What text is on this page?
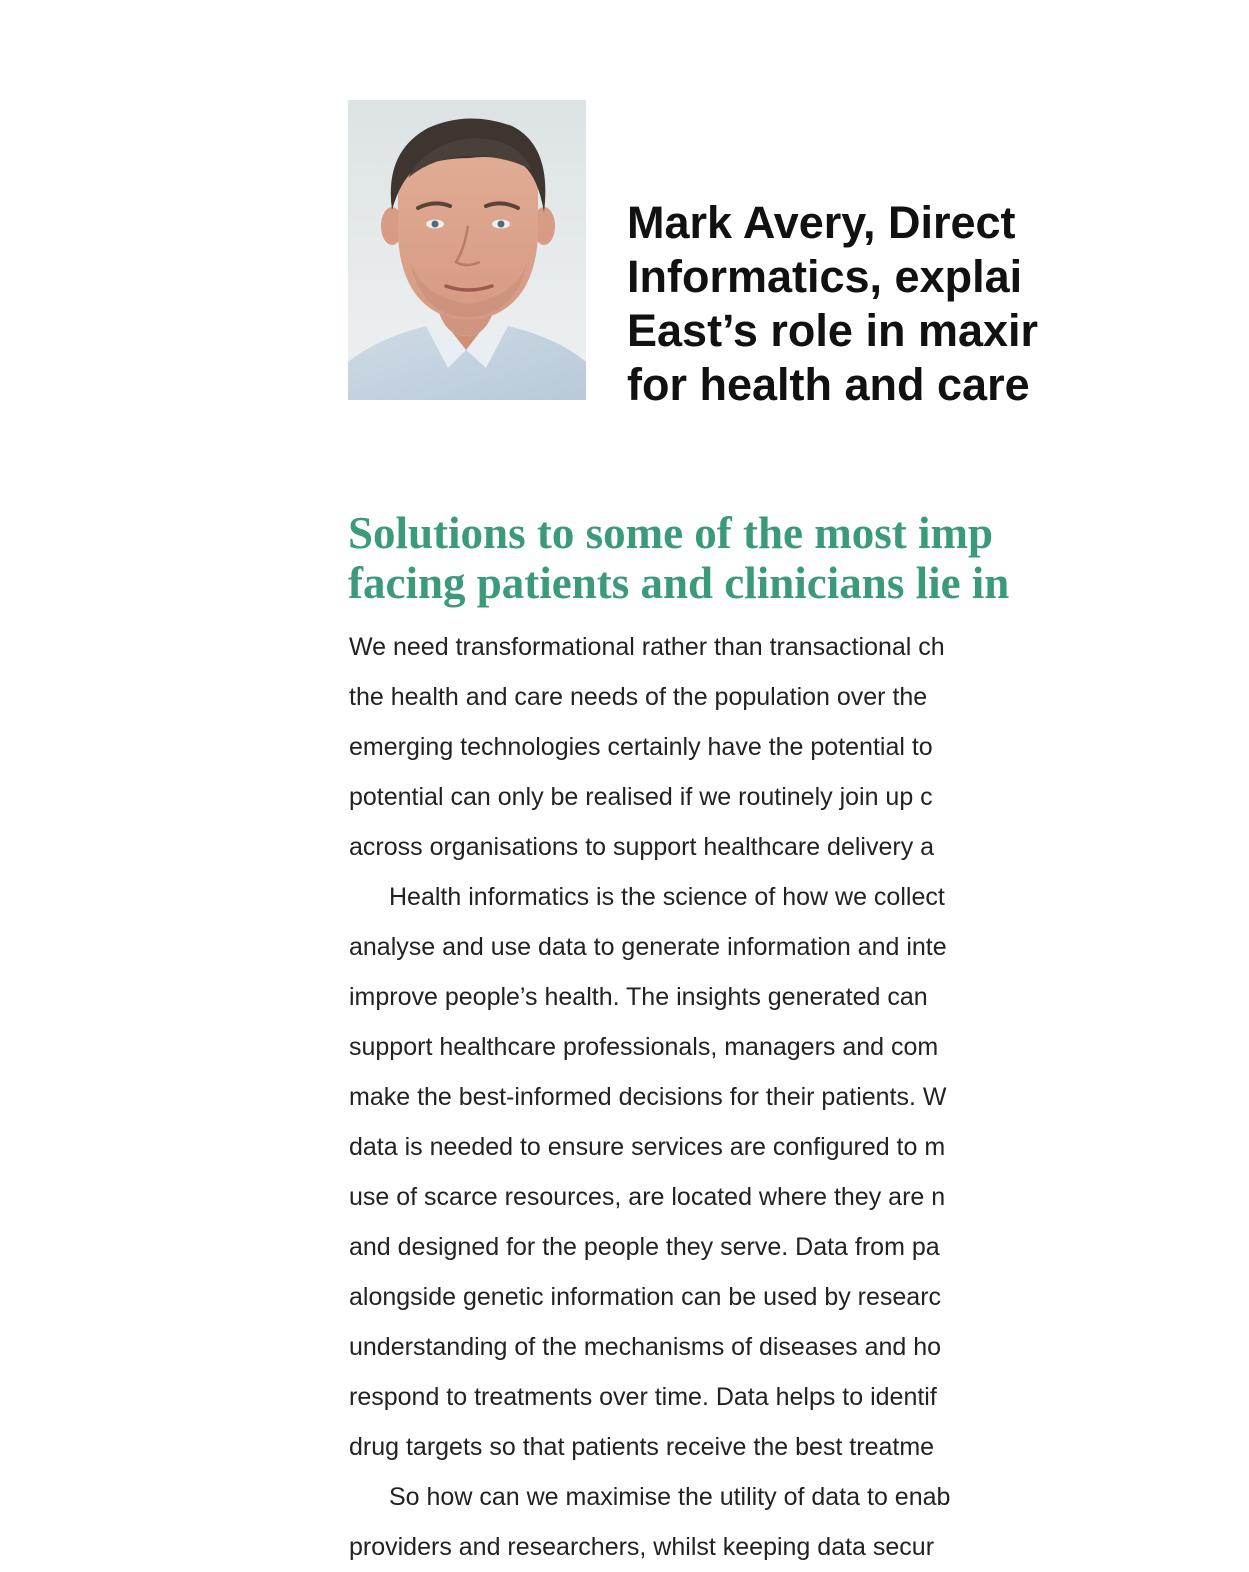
Mark Avery, Direct
Informatics, explai
East’s role in maxir
for health and care
Solutions to some of the most imp
facing patients and clinicians lie in
We need transformational rather than transactional ch
the health and care needs of the population over the
emerging technologies certainly have the potential to
potential can only be realised if we routinely join up c
across organisations to support healthcare delivery a
Health informatics is the science of how we collect
analyse and use data to generate information and inte
improve people’s health. The insights generated can
support healthcare professionals, managers and com
make the best-informed decisions for their patients. W
data is needed to ensure services are configured to m
use of scarce resources, are located where they are n
and designed for the people they serve. Data from pa
alongside genetic information can be used by researc
understanding of the mechanisms of diseases and ho
respond to treatments over time. Data helps to identif
drug targets so that patients receive the best treatme
So how can we maximise the utility of data to enab
providers and researchers, whilst keeping data secur
